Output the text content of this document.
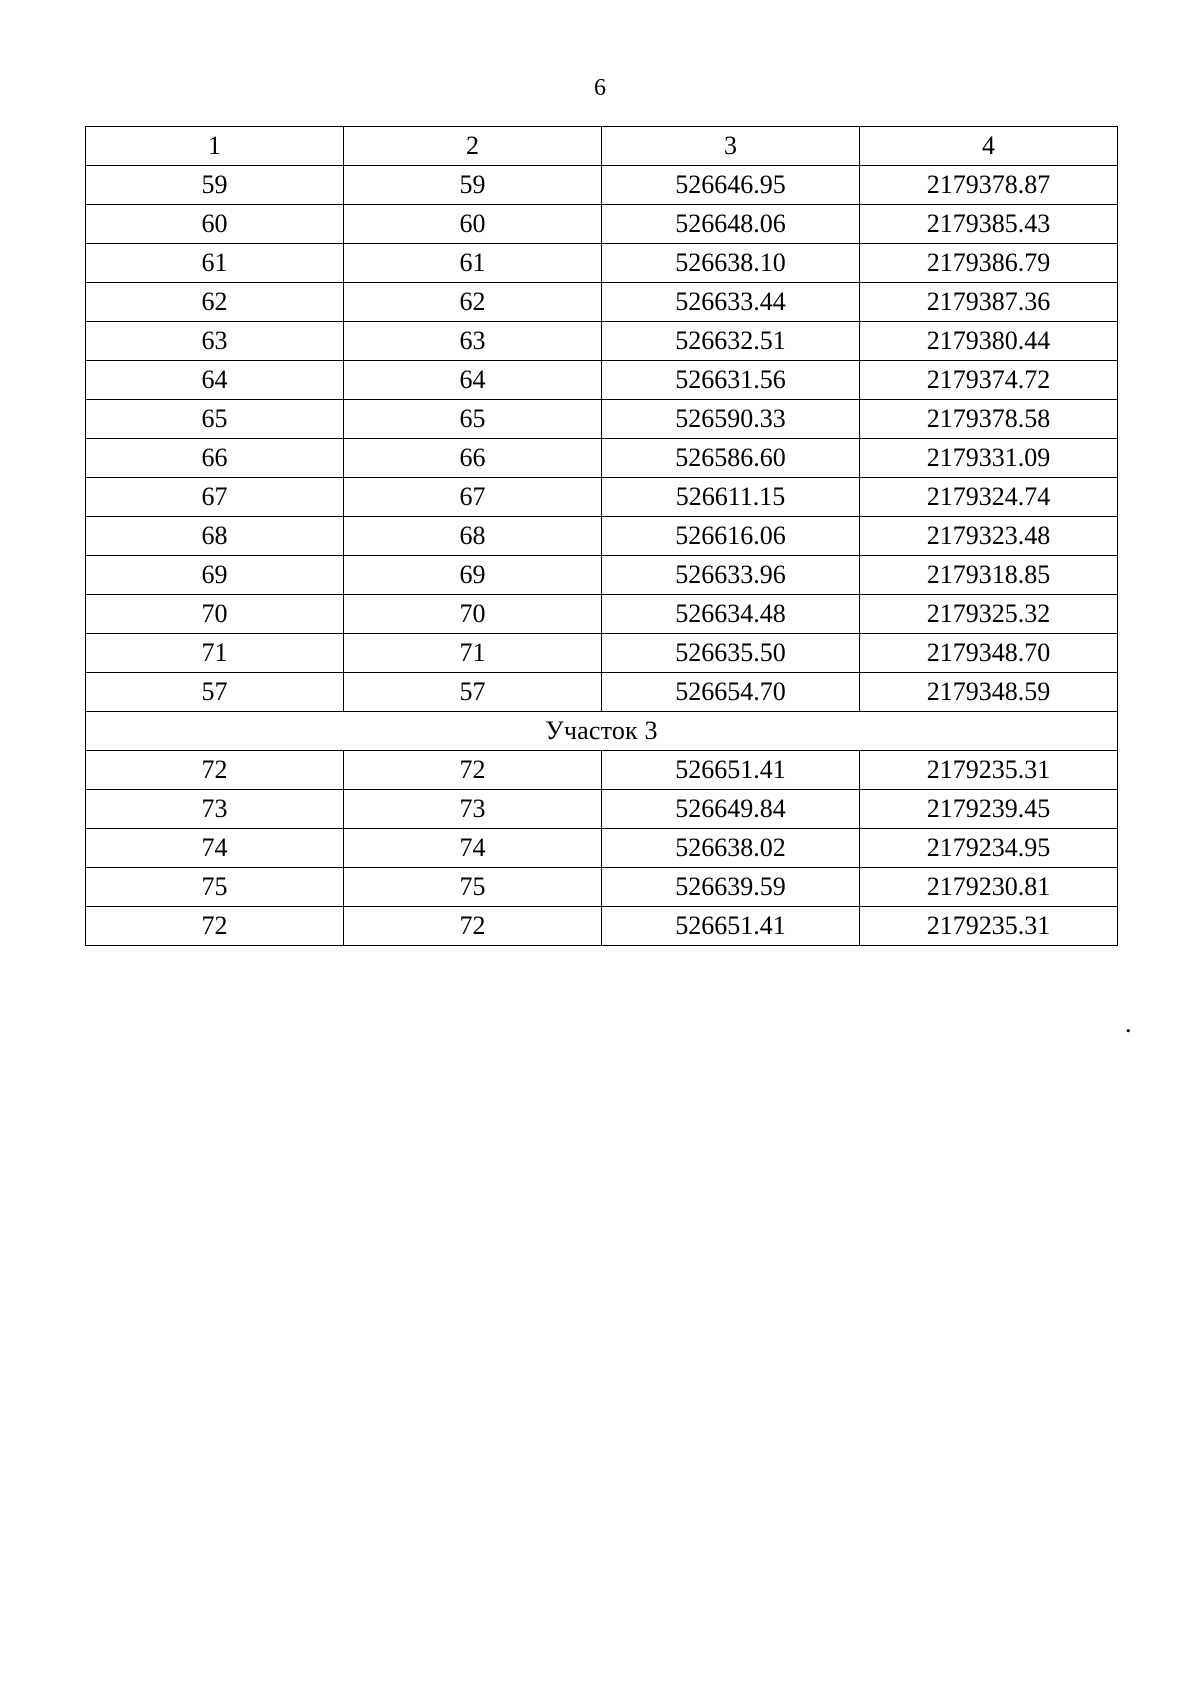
6
1	2	3	4
59	59	526646.95	2179378.87
60	60	526648.06	2179385.43
61	61	526638.10	2179386.79
62	62	526633.44	2179387.36
63	63	526632.51	2179380.44
64	64	526631.56	2179374.72
65	65	526590.33	2179378.58
66	66	526586.60	2179331.09
67	67	526611.15	2179324.74
68	68	526616.06	2179323.48
69	69	526633.96	2179318.85
70	70	526634.48	2179325.32
71	71	526635.50	2179348.70
57	57	526654.70	2179348.59
Участок 3			
72	72	526651.41	2179235.31
73	73	526649.84	2179239.45
74	74	526638.02	2179234.95
75	75	526639.59	2179230.81
72	72	526651.41	2179235.31
.
